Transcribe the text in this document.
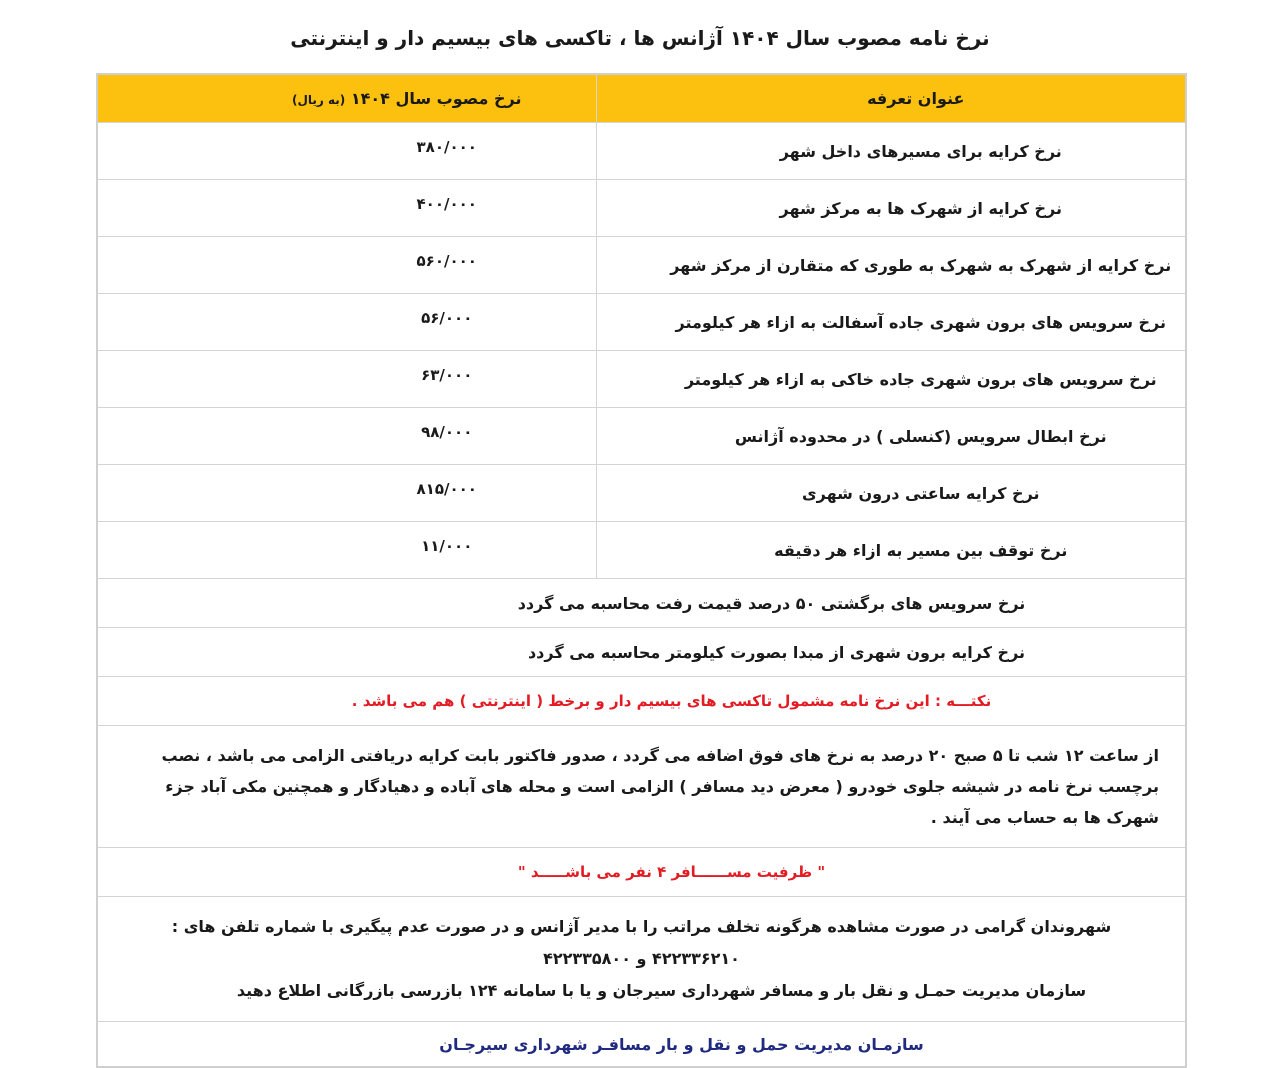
نرخ نامه مصوب سال ۱۴۰۴ آژانس ها ، تاکسی های بیسیم دار و اینترنتی
عنوان تعرفه	نرخ مصوب سال ۱۴۰۴ (به ریال)
نرخ کرایه برای مسیرهای داخل شهر	۳۸۰/۰۰۰
نرخ کرایه از شهرک ها به مرکز شهر	۴۰۰/۰۰۰
نرخ کرایه از شهرک به شهرک به طوری که متقارن از مرکز شهر	۵۶۰/۰۰۰
نرخ سرویس های برون شهری جاده آسفالت به ازاء هر کیلومتر	۵۶/۰۰۰
نرخ سرویس های برون شهری جاده خاکی به ازاء هر کیلومتر	۶۳/۰۰۰
نرخ ابطال سرویس (کنسلی ) در محدوده آژانس	۹۸/۰۰۰
نرخ کرایه ساعتی درون شهری	۸۱۵/۰۰۰
نرخ توقف بین مسیر به ازاء هر دقیقه	۱۱/۰۰۰
نرخ سرویس های برگشتی ۵۰ درصد قیمت رفت محاسبه می گردد	
نرخ کرایه برون شهری از مبدا بصورت کیلومتر محاسبه می گردد	
نکتـــه : این نرخ نامه مشمول تاکسی های بیسیم دار و برخط ( اینترنتی ) هم می باشد .	
از ساعت ۱۲ شب تا ۵ صبح ۲۰ درصد به نرخ های فوق اضافه می گردد ، صدور فاکتور بابت کرایه دریافتی الزامی می باشد ، نصب برچسب نرخ نامه در شیشه جلوی خودرو ( معرض دید مسافر ) الزامی است و محله های آباده و دهیادگار و همچنین مکی آباد جزء شهرک ها به حساب می آیند .	
" ظرفیت مســــــافر ۴ نفر می باشـــــد "	

شهروندان گرامی در صورت مشاهده هرگونه تخلف مراتب را با مدیر آژانس و در صورت عدم پیگیری با شماره تلفن های : ۴۲۲۳۳۶۲۱۰ و ۴۲۲۳۳۵۸۰۰
سازمان مدیریت حمـل و نقل بار و مسافر شهرداری سیرجان و یا با سامانه ۱۲۴ بازرسی بازرگانی اطلاع دهید	

سازمـان مدیریت حمل و نقل و بار مسافـر شهرداری سیرجـان	
